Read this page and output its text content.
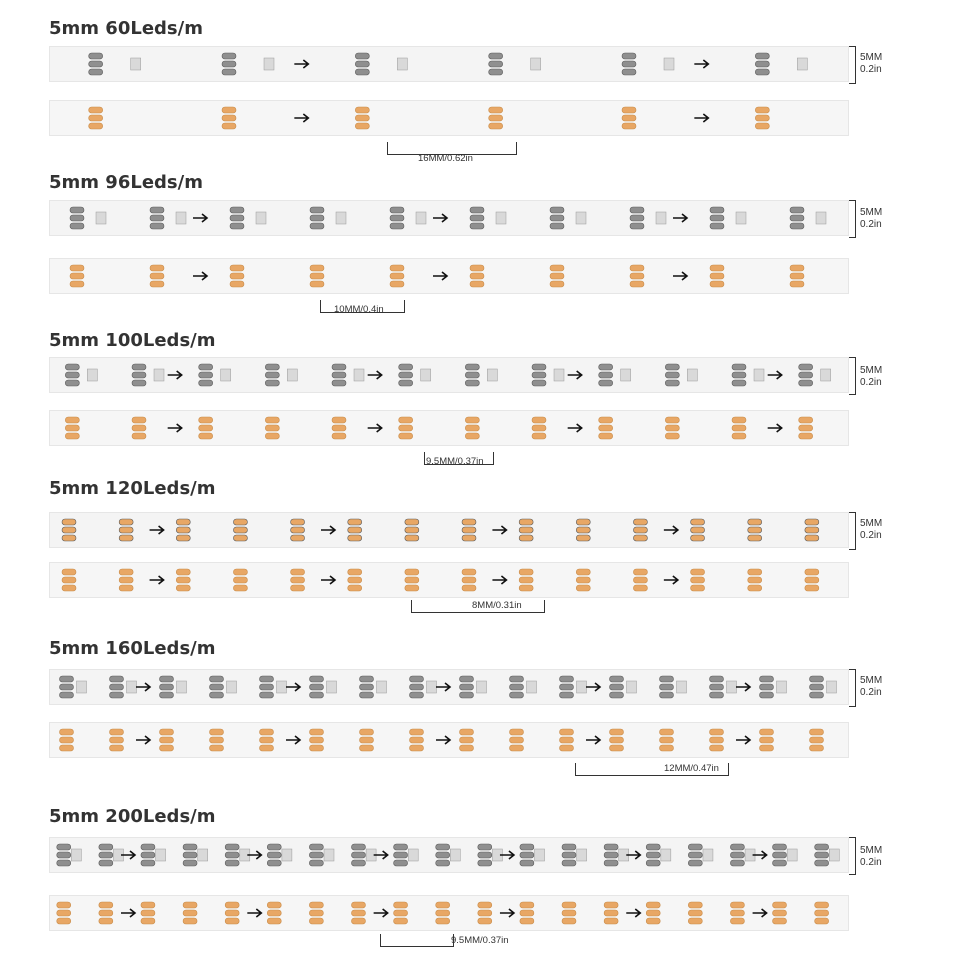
5mm 60Leds/m
5MM
0.2in
16MM/0.62in
5mm 96Leds/m
5MM
0.2in
10MM/0.4in
5mm 100Leds/m
5MM
0.2in
9.5MM/0.37in
5mm 120Leds/m
5MM
0.2in
8MM/0.31in
5mm 160Leds/m
5MM
0.2in
12MM/0.47in
5mm 200Leds/m
5MM
0.2in
9.5MM/0.37in
